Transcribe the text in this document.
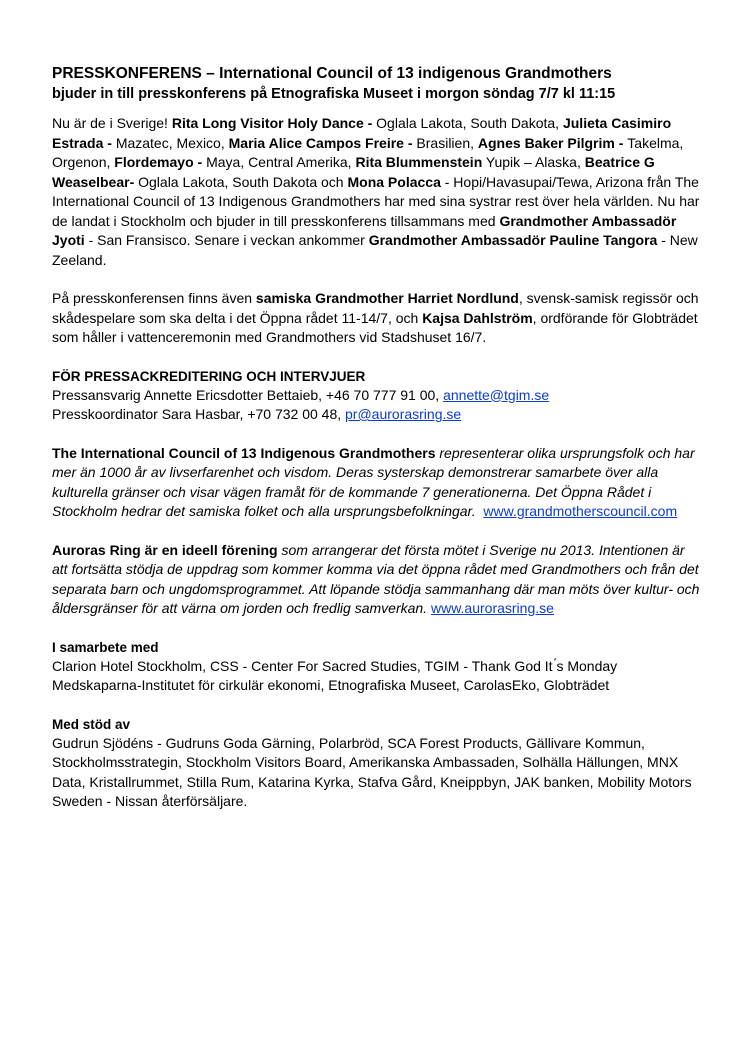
PRESSKONFERENS – International Council of 13 indigenous Grandmothers
bjuder in till presskonferens på Etnografiska Museet i morgon söndag 7/7 kl 11:15

Nu är de i Sverige! Rita Long Visitor Holy Dance - Oglala Lakota, South Dakota, Julieta Casimiro Estrada - Mazatec, Mexico, Maria Alice Campos Freire - Brasilien, Agnes Baker Pilgrim - Takelma, Orgenon, Flordemayo - Maya, Central Amerika, Rita Blummenstein Yupik – Alaska, Beatrice G Weaselbear- Oglala Lakota, South Dakota och Mona Polacca - Hopi/Havasupai/Tewa, Arizona från The International Council of 13 Indigenous Grandmothers har med sina systrar rest över hela världen. Nu har de landat i Stockholm och bjuder in till presskonferens tillsammans med Grandmother Ambassadör Jyoti - San Fransisco. Senare i veckan ankommer Grandmother Ambassadör Pauline Tangora - New Zeeland.

På presskonferensen finns även samiska Grandmother Harriet Nordlund, svensk-samisk regissör och skådespelare som ska delta i det Öppna rådet 11-14/7, och Kajsa Dahlström, ordförande för Globträdet som håller i vattenceremonin med Grandmothers vid Stadshuset 16/7.

FÖR PRESSACKREDITERING OCH INTERVJUER

Pressansvarig Annette Ericsdotter Bettaieb, +46 70 777 91 00, annette@tgim.se

Presskoordinator Sara Hasbar, +70 732 00 48, pr@aurorasring.se

The International Council of 13 Indigenous Grandmothers representerar olika ursprungsfolk och har mer än 1000 år av livserfarenhet och visdom. Deras systerskap demonstrerar samarbete över alla kulturella gränser och visar vägen framåt för de kommande 7 generationerna. Det Öppna Rådet i Stockholm hedrar det samiska folket och alla ursprungsbefolkningar. www.grandmotherscouncil.com

Auroras Ring är en ideell förening som arrangerar det första mötet i Sverige nu 2013. Intentionen är att fortsätta stödja de uppdrag som kommer komma via det öppna rådet med Grandmothers och från det separata barn och ungdomsprogrammet. Att löpande stödja sammanhang där man möts över kultur- och åldersgränser för att värna om jorden och fredlig samverkan. www.aurorasring.se

I samarbete med

Clarion Hotel Stockholm, CSS - Center For Sacred Studies, TGIM - Thank God It ́s Monday

Medskaparna-Institutet för cirkulär ekonomi, Etnografiska Museet, CarolasEko, Globträdet

Med stöd av

Gudrun Sjödéns - Gudruns Goda Gärning, Polarbröd, SCA Forest Products, Gällivare Kommun, Stockholmsstrategin, Stockholm Visitors Board, Amerikanska Ambassaden, Solhälla Hällungen, MNX Data, Kristallrummet, Stilla Rum, Katarina Kyrka, Stafva Gård, Kneippbyn, JAK banken, Mobility Motors Sweden - Nissan återförsäljare.
